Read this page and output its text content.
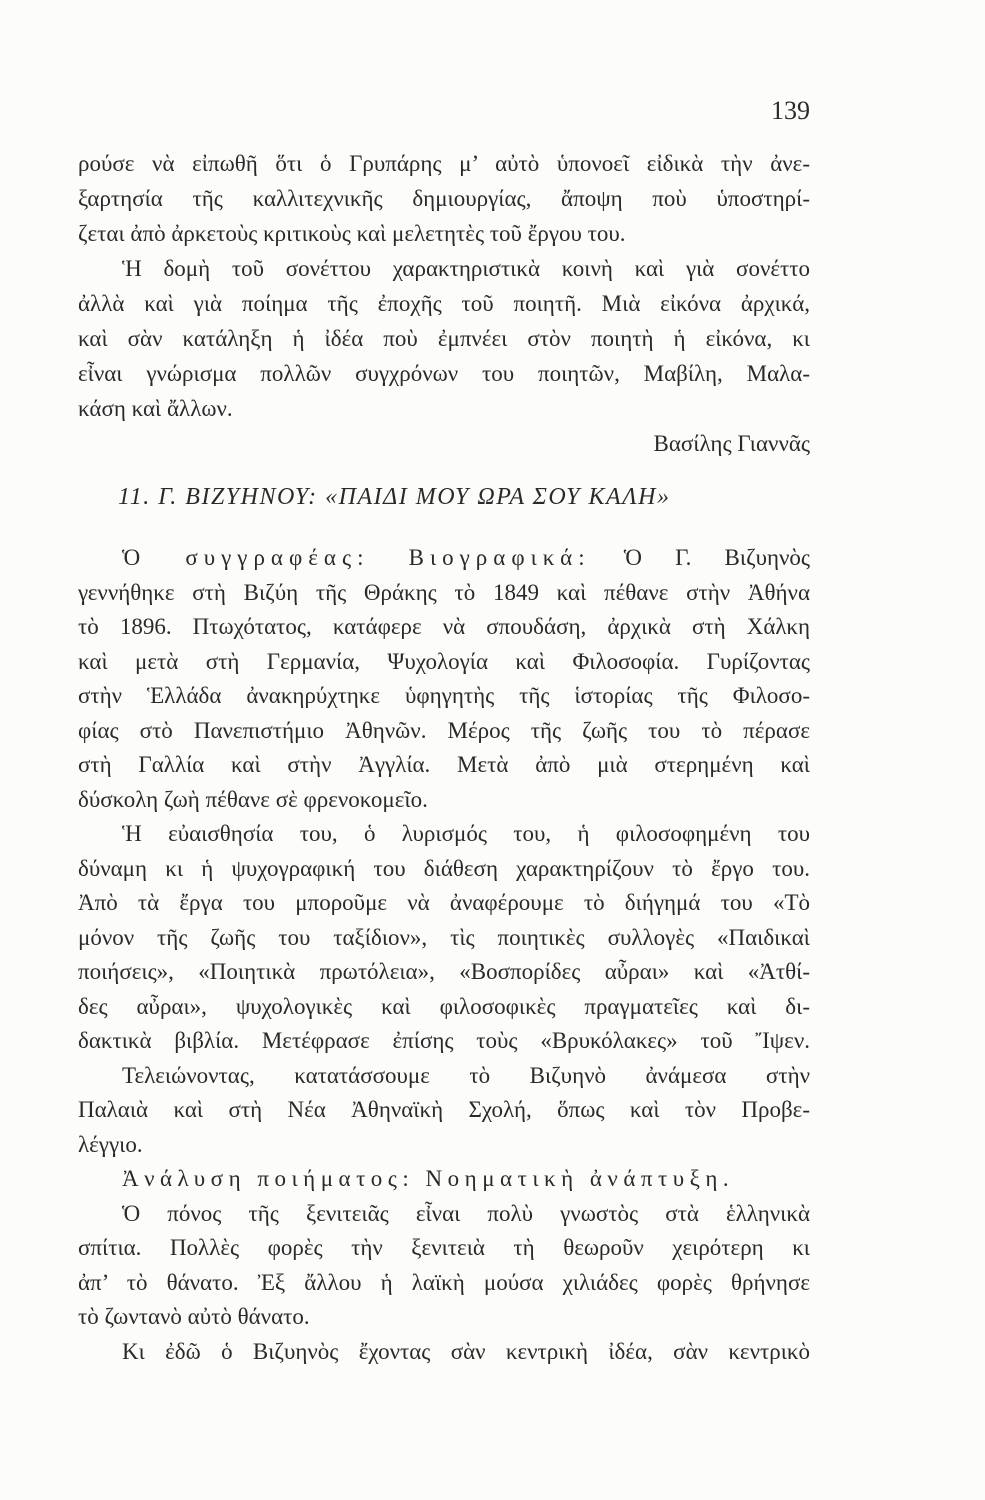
139
ρούσε νὰ εἰπωθῆ ὅτι ὁ Γρυπάρης μ’ αὐτὸ ὑπονοεῖ εἰδικὰ τὴν ἀνε-
ξαρτησία τῆς καλλιτεχνικῆς δημιουργίας, ἄποψη ποὺ ὑποστηρί-
ζεται ἀπὸ ἀρκετοὺς κριτικοὺς καὶ μελετητὲς τοῦ ἔργου του.
Ἡ δομὴ τοῦ σονέττου χαρακτηριστικὰ κοινὴ καὶ γιὰ σονέττο
ἀλλὰ καὶ γιὰ ποίημα τῆς ἐποχῆς τοῦ ποιητῆ. Μιὰ εἰκόνα ἀρχικά,
καὶ σὰν κατάληξη ἡ ἰδέα ποὺ ἐμπνέει στὸν ποιητὴ ἡ εἰκόνα, κι
εἶναι γνώρισμα πολλῶν συγχρόνων του ποιητῶν, Μαβίλη, Μαλα-
κάση καὶ ἄλλων.
Βασίλης Γιαννᾶς
11. Γ. ΒΙΖΥΗΝΟΥ: «ΠΑΙΔΙ ΜΟΥ ΩΡΑ ΣΟΥ ΚΑΛΗ»
Ὁ συγγραφέας: Βιογραφικά: Ὁ Γ. Βιζυηνὸς
γεννήθηκε στὴ Βιζύη τῆς Θράκης τὸ 1849 καὶ πέθανε στὴν Ἀθήνα
τὸ 1896. Πτωχότατος, κατάφερε νὰ σπουδάση, ἀρχικὰ στὴ Χάλκη
καὶ μετὰ στὴ Γερμανία, Ψυχολογία καὶ Φιλοσοφία. Γυρίζοντας
στὴν Ἑλλάδα ἀνακηρύχτηκε ὑφηγητὴς τῆς ἱστορίας τῆς Φιλοσο-
φίας στὸ Πανεπιστήμιο Ἀθηνῶν. Μέρος τῆς ζωῆς του τὸ πέρασε
στὴ Γαλλία καὶ στὴν Ἀγγλία. Μετὰ ἀπὸ μιὰ στερημένη καὶ
δύσκολη ζωὴ πέθανε σὲ φρενοκομεῖο.
Ἡ εὐαισθησία του, ὁ λυρισμός του, ἡ φιλοσοφημένη του
δύναμη κι ἡ ψυχογραφική του διάθεση χαρακτηρίζουν τὸ ἔργο του.
Ἀπὸ τὰ ἔργα του μποροῦμε νὰ ἀναφέρουμε τὸ διήγημά του «Τὸ
μόνον τῆς ζωῆς του ταξίδιον», τὶς ποιητικὲς συλλογὲς «Παιδικαὶ
ποιήσεις», «Ποιητικὰ πρωτόλεια», «Βοσπορίδες αὖραι» καὶ «Ἀτθί-
δες αὖραι», ψυχολογικὲς καὶ φιλοσοφικὲς πραγματεῖες καὶ δι-
δακτικὰ βιβλία. Μετέφρασε ἐπίσης τοὺς «Βρυκόλακες» τοῦ Ἴψεν.
Τελειώνοντας, κατατάσσουμε τὸ Βιζυηνὸ ἀνάμεσα στὴν
Παλαιὰ καὶ στὴ Νέα Ἀθηναϊκὴ Σχολή, ὅπως καὶ τὸν Προβε-
λέγγιο.
Ἀνάλυση ποιήματος: Νοηματικὴ ἀνάπτυξη.
Ὁ πόνος τῆς ξενιτειᾶς εἶναι πολὺ γνωστὸς στὰ ἑλληνικὰ
σπίτια. Πολλὲς φορὲς τὴν ξενιτειὰ τὴ θεωροῦν χειρότερη κι
ἀπ’ τὸ θάνατο. Ἐξ ἄλλου ἡ λαϊκὴ μούσα χιλιάδες φορὲς θρήνησε
τὸ ζωντανὸ αὐτὸ θάνατο.
Κι ἐδῶ ὁ Βιζυηνὸς ἔχοντας σὰν κεντρικὴ ἰδέα, σὰν κεντρικὸ
